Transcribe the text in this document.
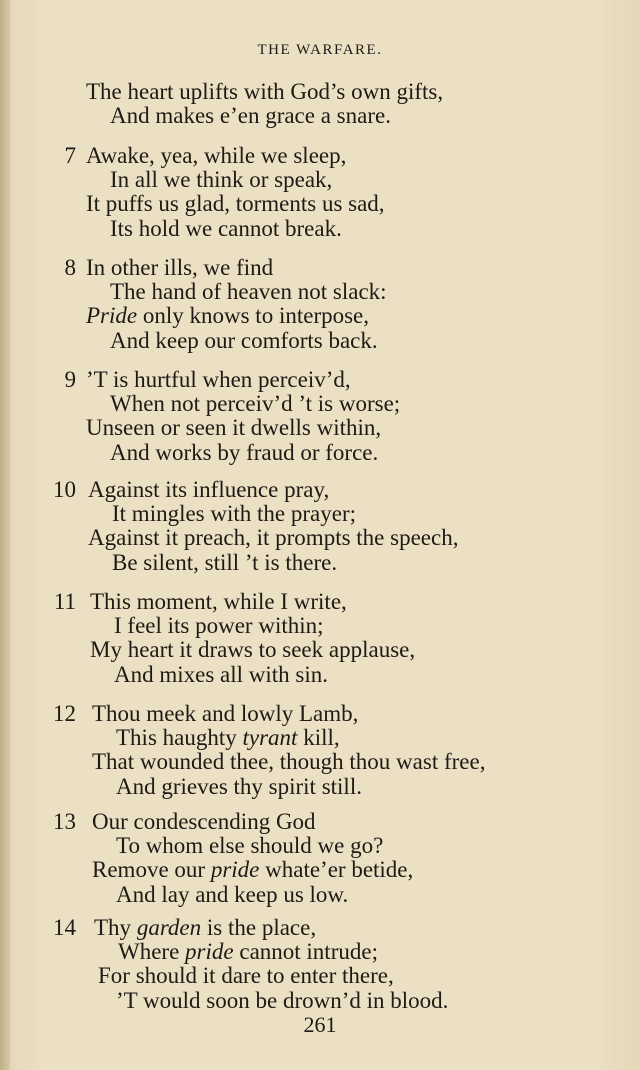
THE WARFARE.
The heart uplifts with God’s own gifts,
And makes e’en grace a snare.
7 Awake, yea, while we sleep,
In all we think or speak,
It puffs us glad, torments us sad,
Its hold we cannot break.
8 In other ills, we find
The hand of heaven not slack:
Pride only knows to interpose,
And keep our comforts back.
9 ’T is hurtful when perceiv’d,
When not perceiv’d ’t is worse;
Unseen or seen it dwells within,
And works by fraud or force.
10 Against its influence pray,
It mingles with the prayer;
Against it preach, it prompts the speech,
Be silent, still ’t is there.
11 This moment, while I write,
I feel its power within;
My heart it draws to seek applause,
And mixes all with sin.
12 Thou meek and lowly Lamb,
This haughty tyrant kill,
That wounded thee, though thou wast free,
And grieves thy spirit still.
13 Our condescending God
To whom else should we go?
Remove our pride whate’er betide,
And lay and keep us low.
14 Thy garden is the place,
Where pride cannot intrude;
For should it dare to enter there,
’T would soon be drown’d in blood.
261
